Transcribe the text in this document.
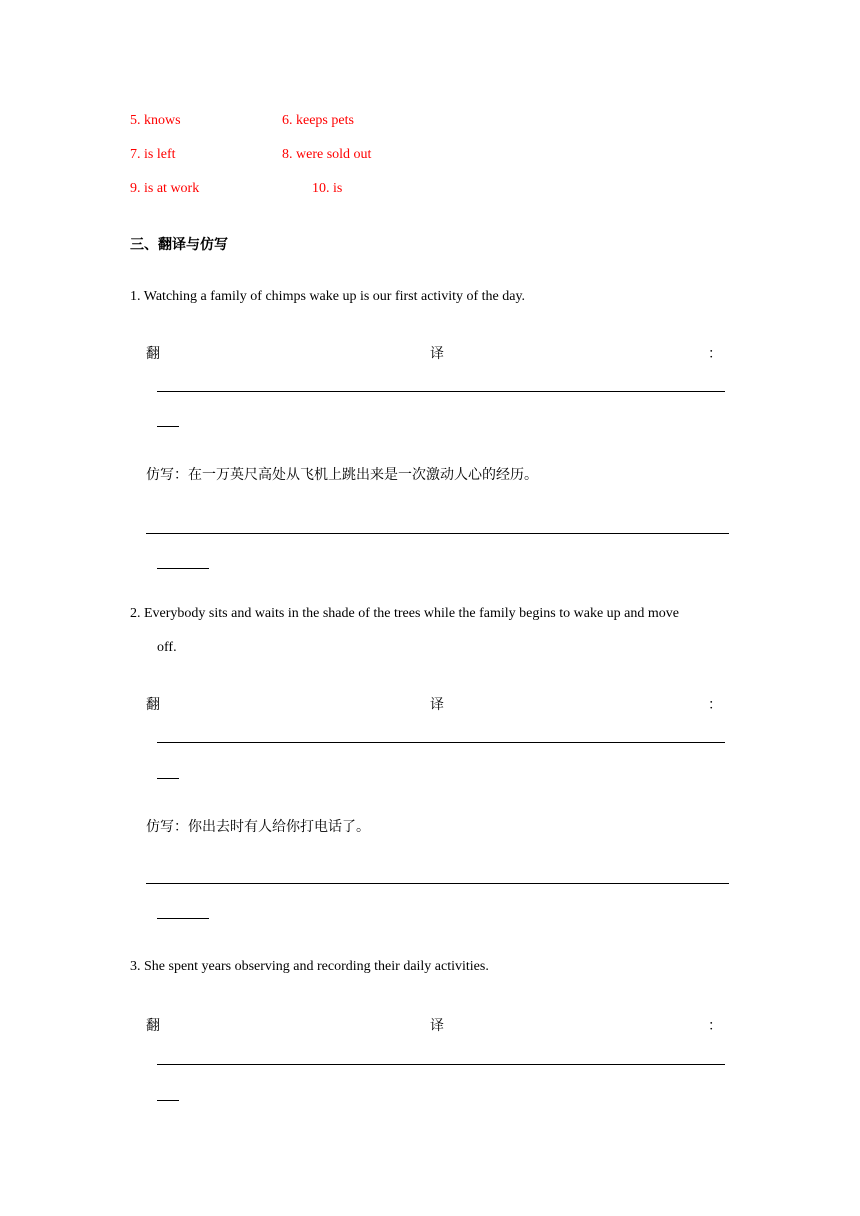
5. knows	6. keeps pets
7. is left	8. were sold out
9. is at work	10. is
三、翻译与仿写
1. Watching a family of chimps wake up is our first activity of the day.
翻	译	：
仿写：在一万英尺高处从飞机上跳出来是一次激动人心的经历。
2. Everybody sits and waits in the shade of the trees while the family begins to wake up and move
off.
翻	译	：
仿写：你出去时有人给你打电话了。
3. She spent years observing and recording their daily activities.
翻	译	：
